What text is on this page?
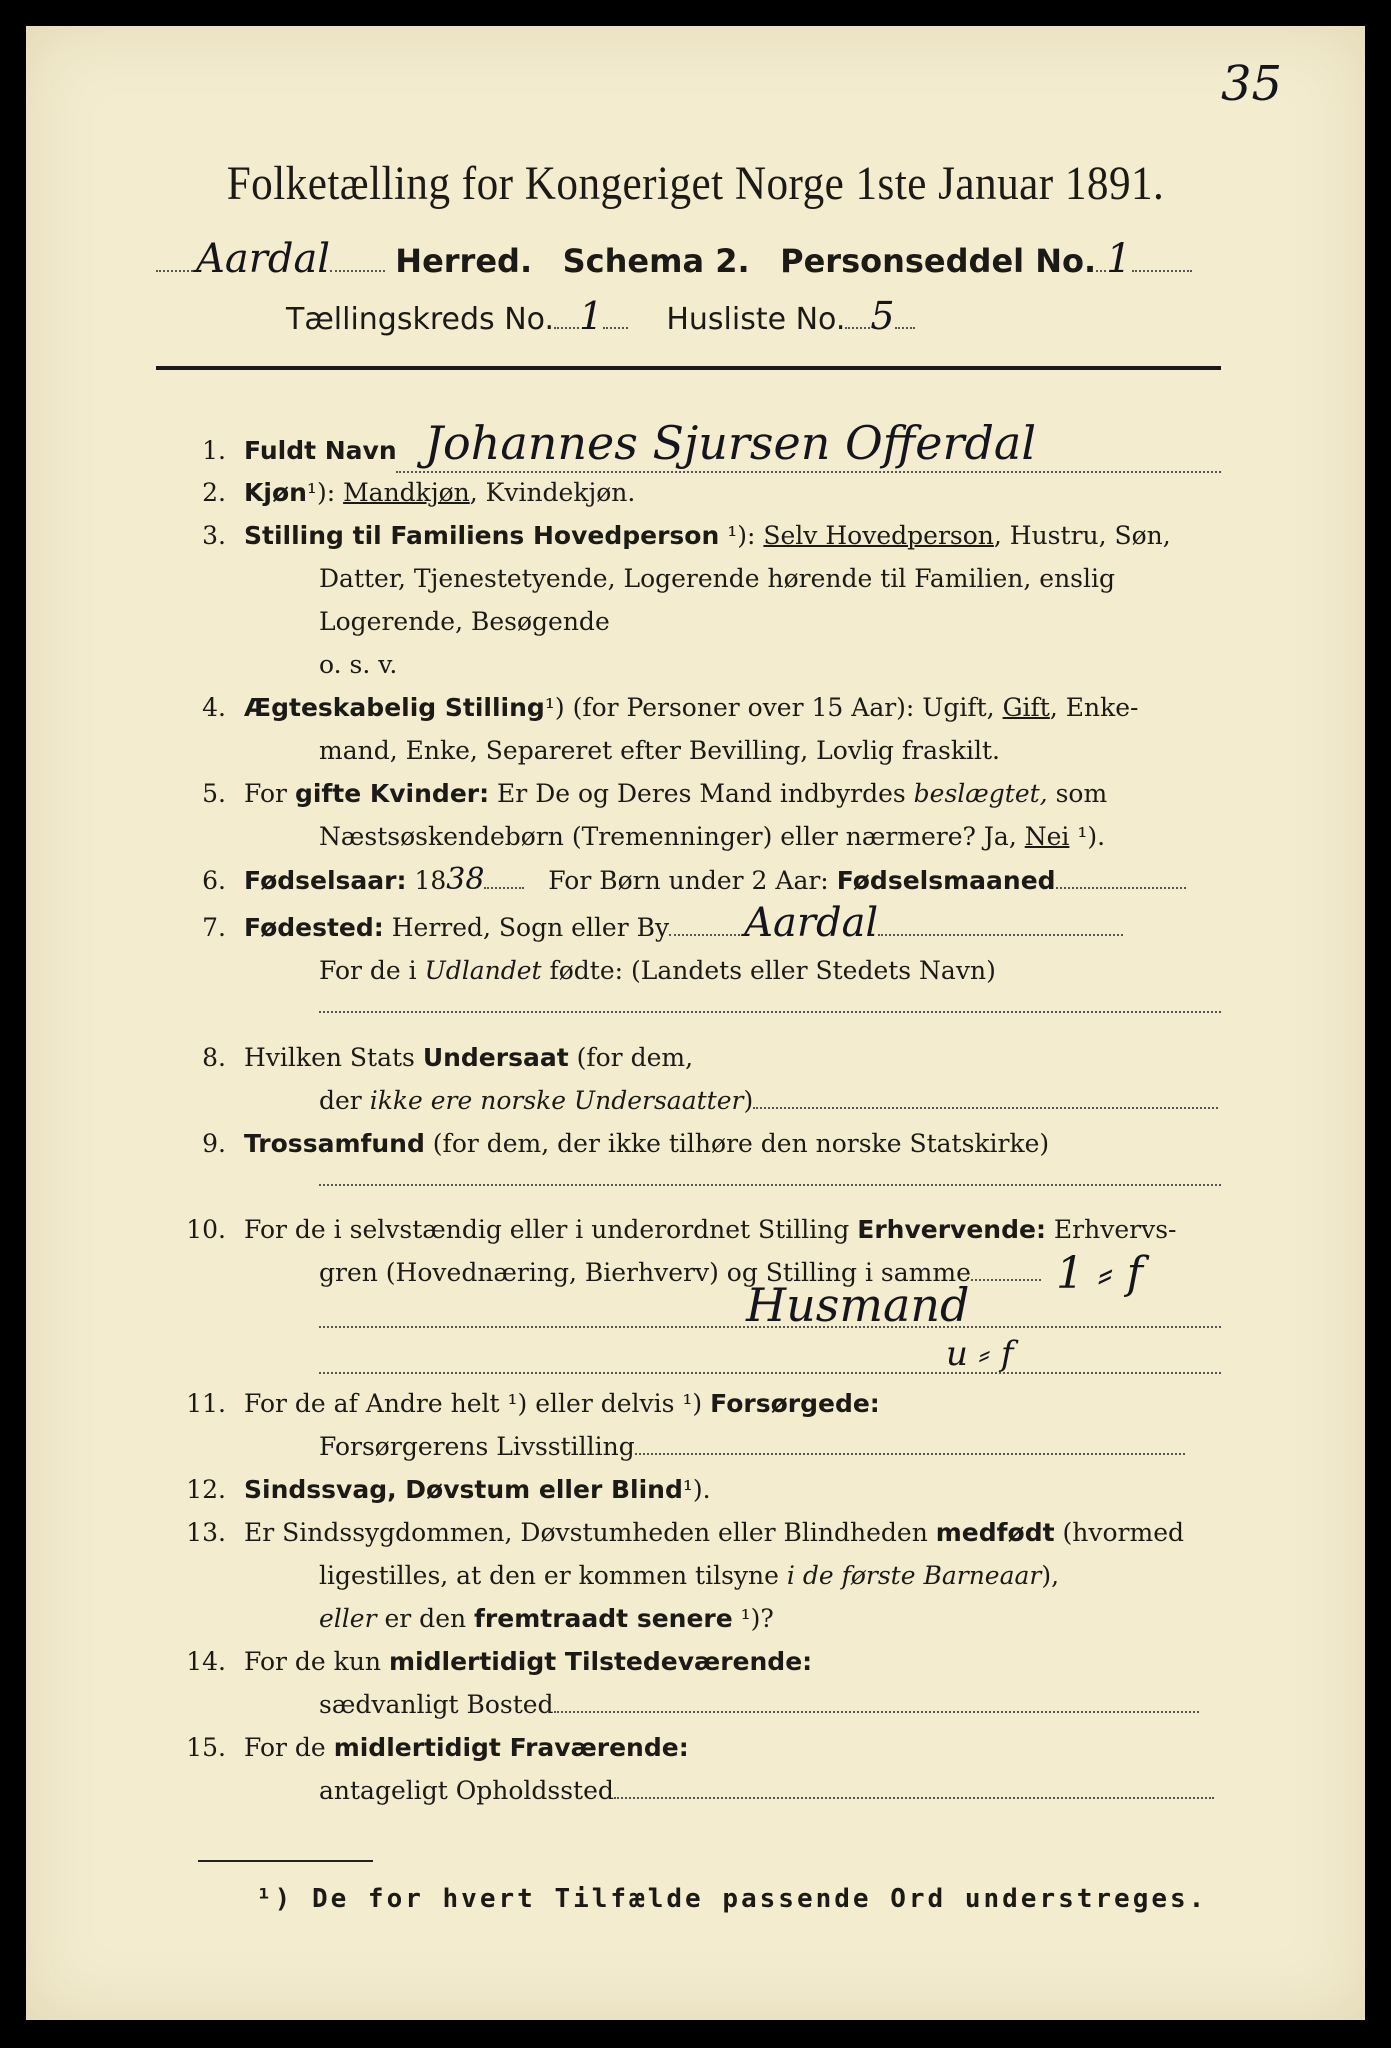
35
Folketælling for Kongeriget Norge 1ste Januar 1891.
Aardal Herred. Schema 2. Personseddel No. 1
Tællingskreds No. 1 Husliste No. 5
1. Fuldt Navn Johannes Sjursen Offerdal
2. Kjøn¹): Mandkjøn, Kvindekjøn.
3. Stilling til Familiens Hovedperson ¹): Selv Hovedperson, Hustru, Søn,
Datter, Tjenestetyende, Logerende hørende til Familien, enslig
Logerende, Besøgende
o. s. v.
4. Ægteskabelig Stilling¹) (for Personer over 15 Aar): Ugift, Gift, Enke-
mand, Enke, Separeret efter Bevilling, Lovlig fraskilt.
5. For gifte Kvinder: Er De og Deres Mand indbyrdes beslægtet, som
Næstsøskendebørn (Tremenninger) eller nærmere? Ja, Nei ¹).
6. Fødselsaar: 1838	For Børn under 2 Aar: Fødselsmaaned
7. Fødested: Herred, Sogn eller By Aardal
For de i Udlandet fødte: (Landets eller Stedets Navn)
8. Hvilken Stats Undersaat (for dem,
der ikke ere norske Undersaatter)
9. Trossamfund (for dem, der ikke tilhøre den norske Statskirke)
10. For de i selvstændig eller i underordnet Stilling Erhvervende: Erhvervs-
gren (Hovednæring, Bierhverv) og Stilling i samme	1 ⸗ f
Husmand
u ⸗ f
11. For de af Andre helt ¹) eller delvis ¹) Forsørgede:
Forsørgerens Livsstilling
12. Sindssvag, Døvstum eller Blind¹).
13. Er Sindssygdommen, Døvstumheden eller Blindheden medfødt (hvormed
ligestilles, at den er kommen tilsyne i de første Barneaar),
eller er den fremtraadt senere ¹)?
14. For de kun midlertidigt Tilstedeværende:
sædvanligt Bosted
15. For de midlertidigt Fraværende:
antageligt Opholdssted
¹) De for hvert Tilfælde passende Ord understreges.
